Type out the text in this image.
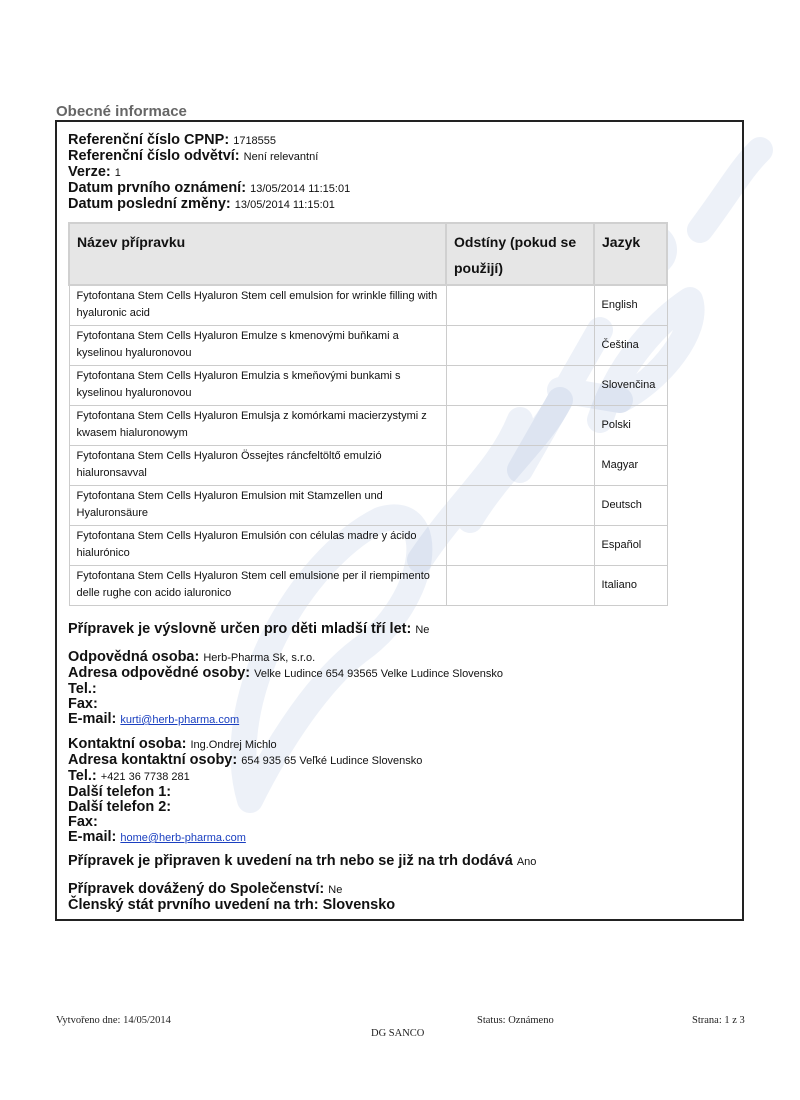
Obecné informace
Referenční číslo CPNP: 1718555
Referenční číslo odvětví: Není relevantní
Verze: 1
Datum prvního oznámení: 13/05/2014 11:15:01
Datum poslední změny: 13/05/2014 11:15:01
Název přípravku	Odstíny (pokud se použijí)	Jazyk
Fytofontana Stem Cells Hyaluron Stem cell emulsion for wrinkle filling with hyaluronic acid		English
Fytofontana Stem Cells Hyaluron Emulze s kmenovými buňkami a kyselinou hyaluronovou		Čeština
Fytofontana Stem Cells Hyaluron Emulzia s kmeňovými bunkami s kyselinou hyaluronovou		Slovenčina
Fytofontana Stem Cells Hyaluron Emulsja z komórkami macierzystymi z kwasem hialuronowym		Polski
Fytofontana Stem Cells Hyaluron Össejtes ráncfeltöltő emulzió hialuronsavval		Magyar
Fytofontana Stem Cells Hyaluron Emulsion mit Stamzellen und Hyaluronsäure		Deutsch
Fytofontana Stem Cells Hyaluron Emulsión con células madre y ácido hialurónico		Español
Fytofontana Stem Cells Hyaluron Stem cell emulsione per il riempimento delle rughe con acido ialuronico		Italiano
Přípravek je výslovně určen pro děti mladší tří let: Ne
Odpovědná osoba: Herb-Pharma Sk, s.r.o.
Adresa odpovědné osoby: Velke Ludince 654 93565 Velke Ludince Slovensko
Tel.:
Fax:
E-mail: kurti@herb-pharma.com
Kontaktní osoba: Ing.Ondrej Michlo
Adresa kontaktní osoby: 654 935 65 Veľké Ludince Slovensko
Tel.: +421 36 7738 281
Další telefon 1:
Další telefon 2:
Fax:
E-mail: home@herb-pharma.com
Přípravek je připraven k uvedení na trh nebo se již na trh dodává Ano
Přípravek dovážený do Společenství: Ne
Členský stát prvního uvedení na trh: Slovensko
Vytvořeno dne: 14/05/2014	Status: Oznámeno	Strana: 1 z 3
DG SANCO
